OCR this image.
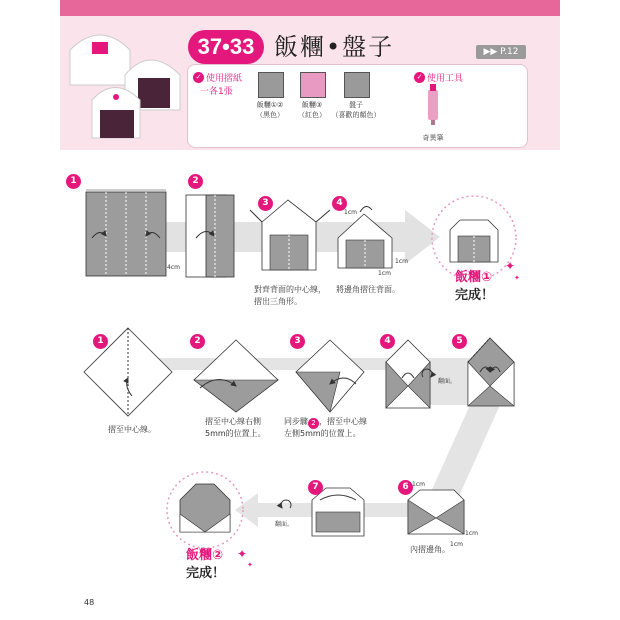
37•33 飯糰•盤子	▶▶ P.12
✓ 使用摺紙
一各1張
飯糰①②
（黑色）
飯糰③
（紅色）
盤子
（喜歡的顏色）
✓ 使用工具
奇異筆
✦
✦
✦
✦
1	2
3	4
4cm
1cm
1cm
1cm
對齊背面的中心線，
摺出三角形。
將邊角摺往背面。
飯糰①
完成！
1	2	3	4	5
6
7
摺至中心線。
摺至中心線右側
5mm的位置上。
同步驟 2 ，摺至中心線
左側5mm的位置上。
翻面。
翻面。
1cm
1cm
1cm
內摺邊角。
飯糰②
完成！
48
